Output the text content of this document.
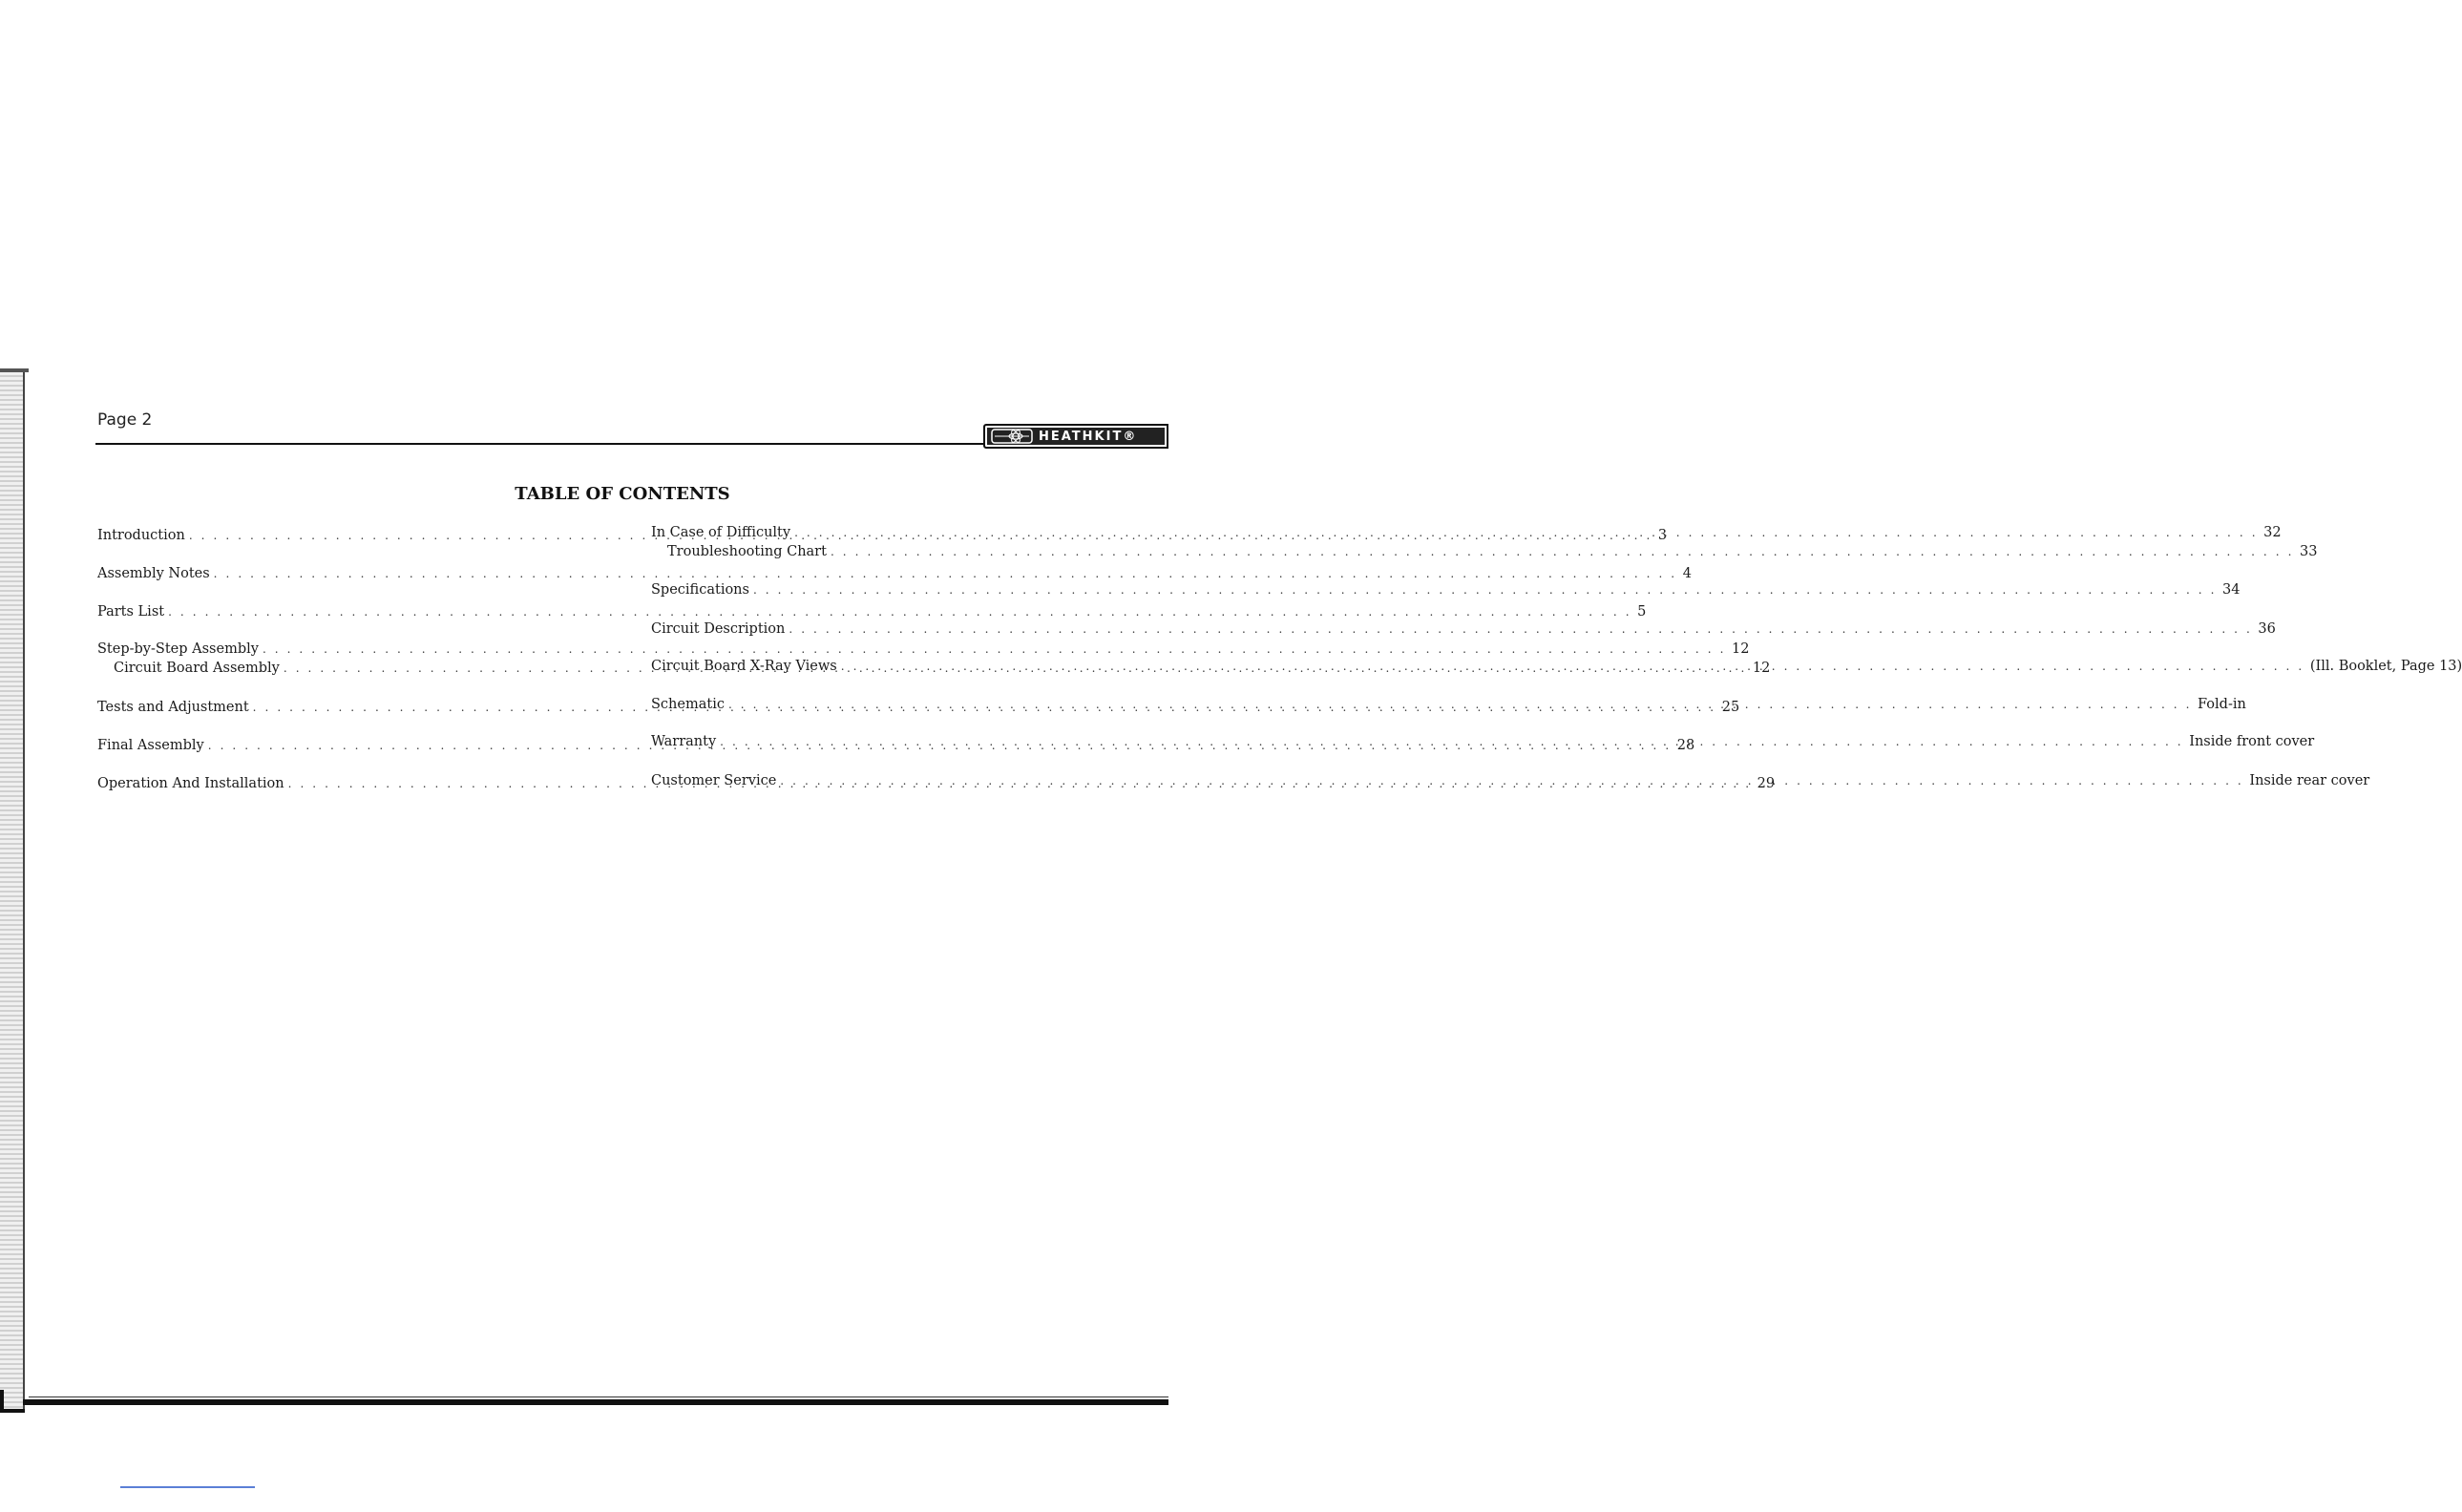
Page 2
HEATHKIT®
TABLE OF CONTENTS
Introduction . . .	3
Assembly Notes . . .	4
Parts List . . .	5
Step-by-Step Assembly . . .	12
Circuit Board Assembly . . .	12
Tests and Adjustment . . .	25
Final Assembly . . .	28
Operation And Installation . . .	29
In Case of Difficulty . . .	32
Troubleshooting Chart . . .	33
Specifications . . .	34
Circuit Description . . .	36
Circuit Board X-Ray Views . . .	(Ill. Booklet, Page 13)
Schematic . . .	Fold-in
Warranty . . .	Inside front cover
Customer Service . . .	Inside rear cover
